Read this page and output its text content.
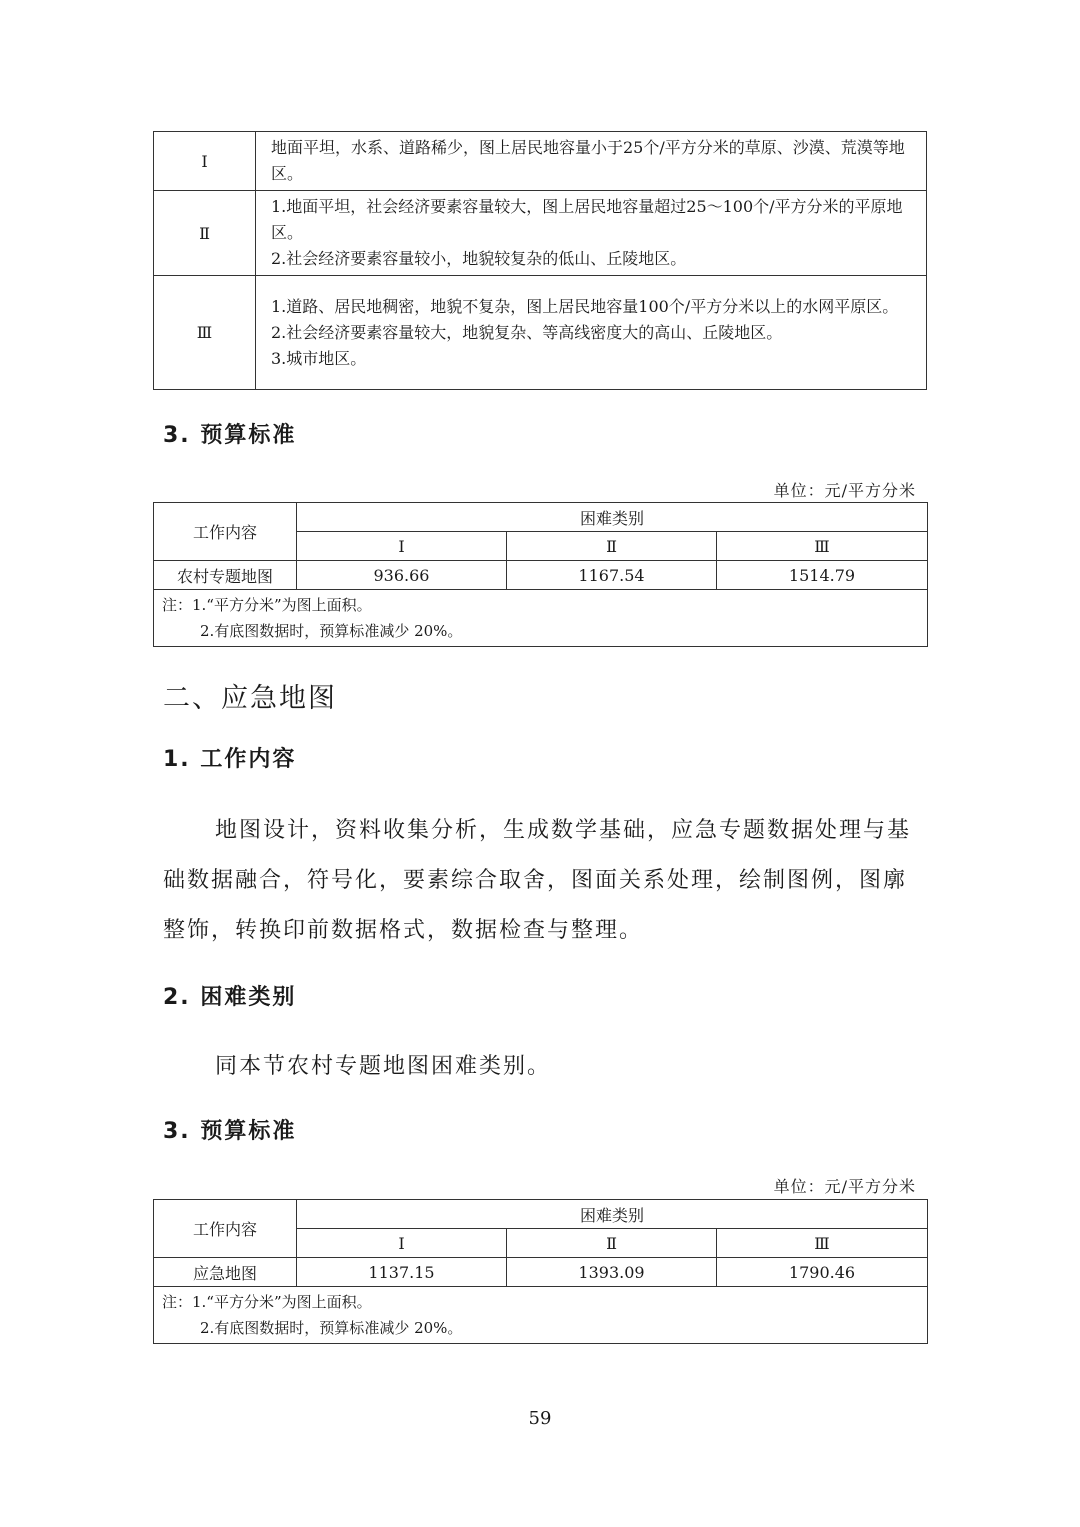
Ⅰ	地面平坦，水系、道路稀少，图上居民地容量小于25个/平方分米的草原、沙漠、荒漠等地区。

Ⅱ	1.地面平坦，社会经济要素容量较大，图上居民地容量超过25～100个/平方分米的平原地区。
2.社会经济要素容量较小，地貌较复杂的低山、丘陵地区。

Ⅲ	1.道路、居民地稠密，地貌不复杂，图上居民地容量100个/平方分米以上的水网平原区。
2.社会经济要素容量较大，地貌复杂、等高线密度大的高山、丘陵地区。
3.城市地区。
3. 预算标准
单位：元/平方分米
工作内容	困难类别		
	Ⅰ	Ⅱ	Ⅲ
农村专题地图	936.66	1167.54	1514.79

注：1.“平方分米”为图上面积。
2.有底图数据时，预算标准减少 20%。			
二、应急地图
1. 工作内容
地图设计，资料收集分析，生成数学基础，应急专题数据处理与基础数据融合，符号化，要素综合取舍，图面关系处理，绘制图例，图廓整饰，转换印前数据格式，数据检查与整理。
2. 困难类别
同本节农村专题地图困难类别。
3. 预算标准
单位：元/平方分米
工作内容	困难类别		
	Ⅰ	Ⅱ	Ⅲ
应急地图	1137.15	1393.09	1790.46

注：1.“平方分米”为图上面积。
2.有底图数据时，预算标准减少 20%。			
59
